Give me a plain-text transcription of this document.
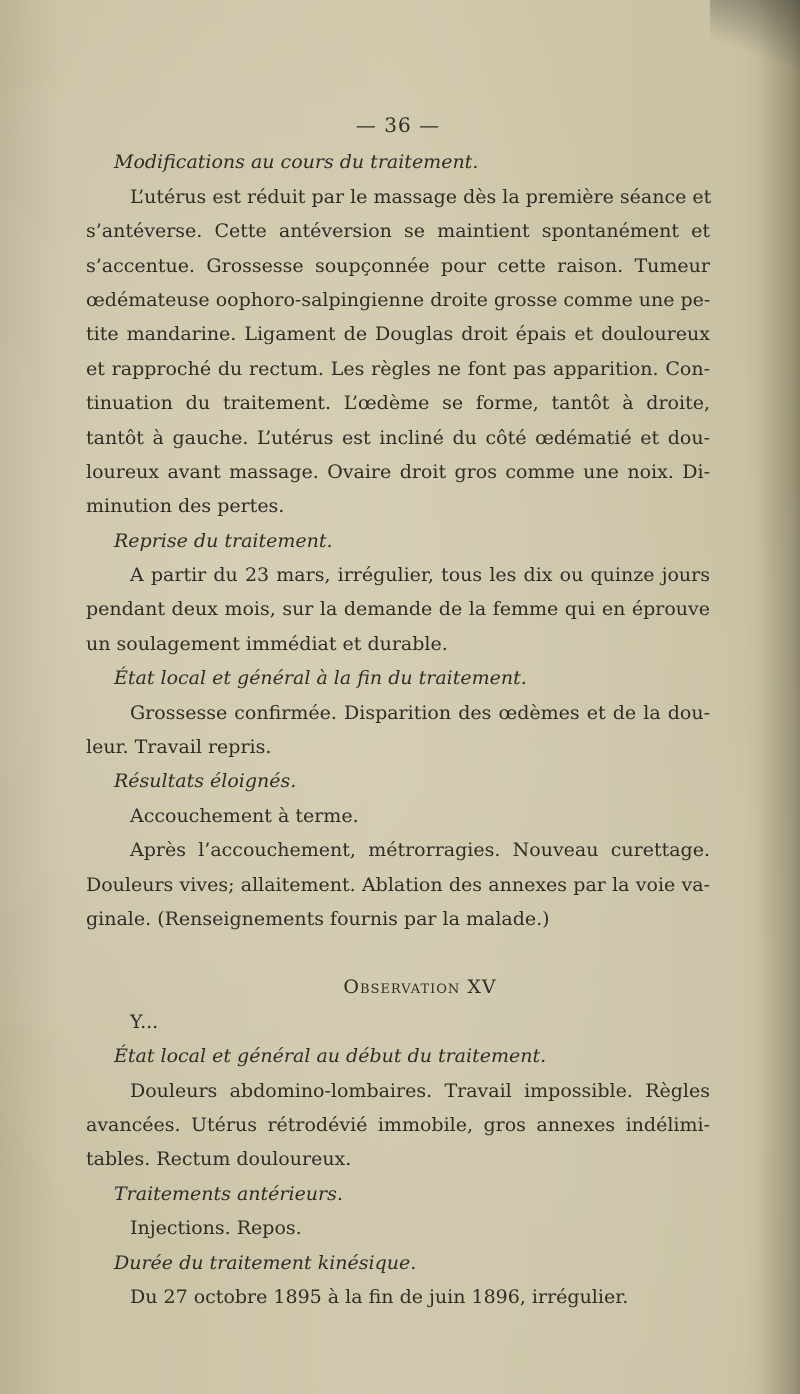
— 36 —
Modifications au cours du traitement.
L’utérus est réduit par le massage dès la première séance et
s’antéverse. Cette antéversion se maintient spontanément et
s’accentue. Grossesse soupçonnée pour cette raison. Tumeur
œdémateuse oophoro-salpingienne droite grosse comme une pe-
tite mandarine. Ligament de Douglas droit épais et douloureux
et rapproché du rectum. Les règles ne font pas apparition. Con-
tinuation du traitement. L’œdème se forme, tantôt à droite,
tantôt à gauche. L’utérus est incliné du côté œdématié et dou-
loureux avant massage. Ovaire droit gros comme une noix. Di-
minution des pertes.
Reprise du traitement.
A partir du 23 mars, irrégulier, tous les dix ou quinze jours
pendant deux mois, sur la demande de la femme qui en éprouve
un soulagement immédiat et durable.
État local et général à la fin du traitement.
Grossesse confirmée. Disparition des œdèmes et de la dou-
leur. Travail repris.
Résultats éloignés.
Accouchement à terme.
Après l’accouchement, métrorragies. Nouveau curettage.
Douleurs vives; allaitement. Ablation des annexes par la voie va-
ginale. (Renseignements fournis par la malade.)
Observation XV
Y...
État local et général au début du traitement.
Douleurs abdomino-lombaires. Travail impossible. Règles
avancées. Utérus rétrodévié immobile, gros annexes indélimi-
tables. Rectum douloureux.
Traitements antérieurs.
Injections. Repos.
Durée du traitement kinésique.
Du 27 octobre 1895 à la fin de juin 1896, irrégulier.
